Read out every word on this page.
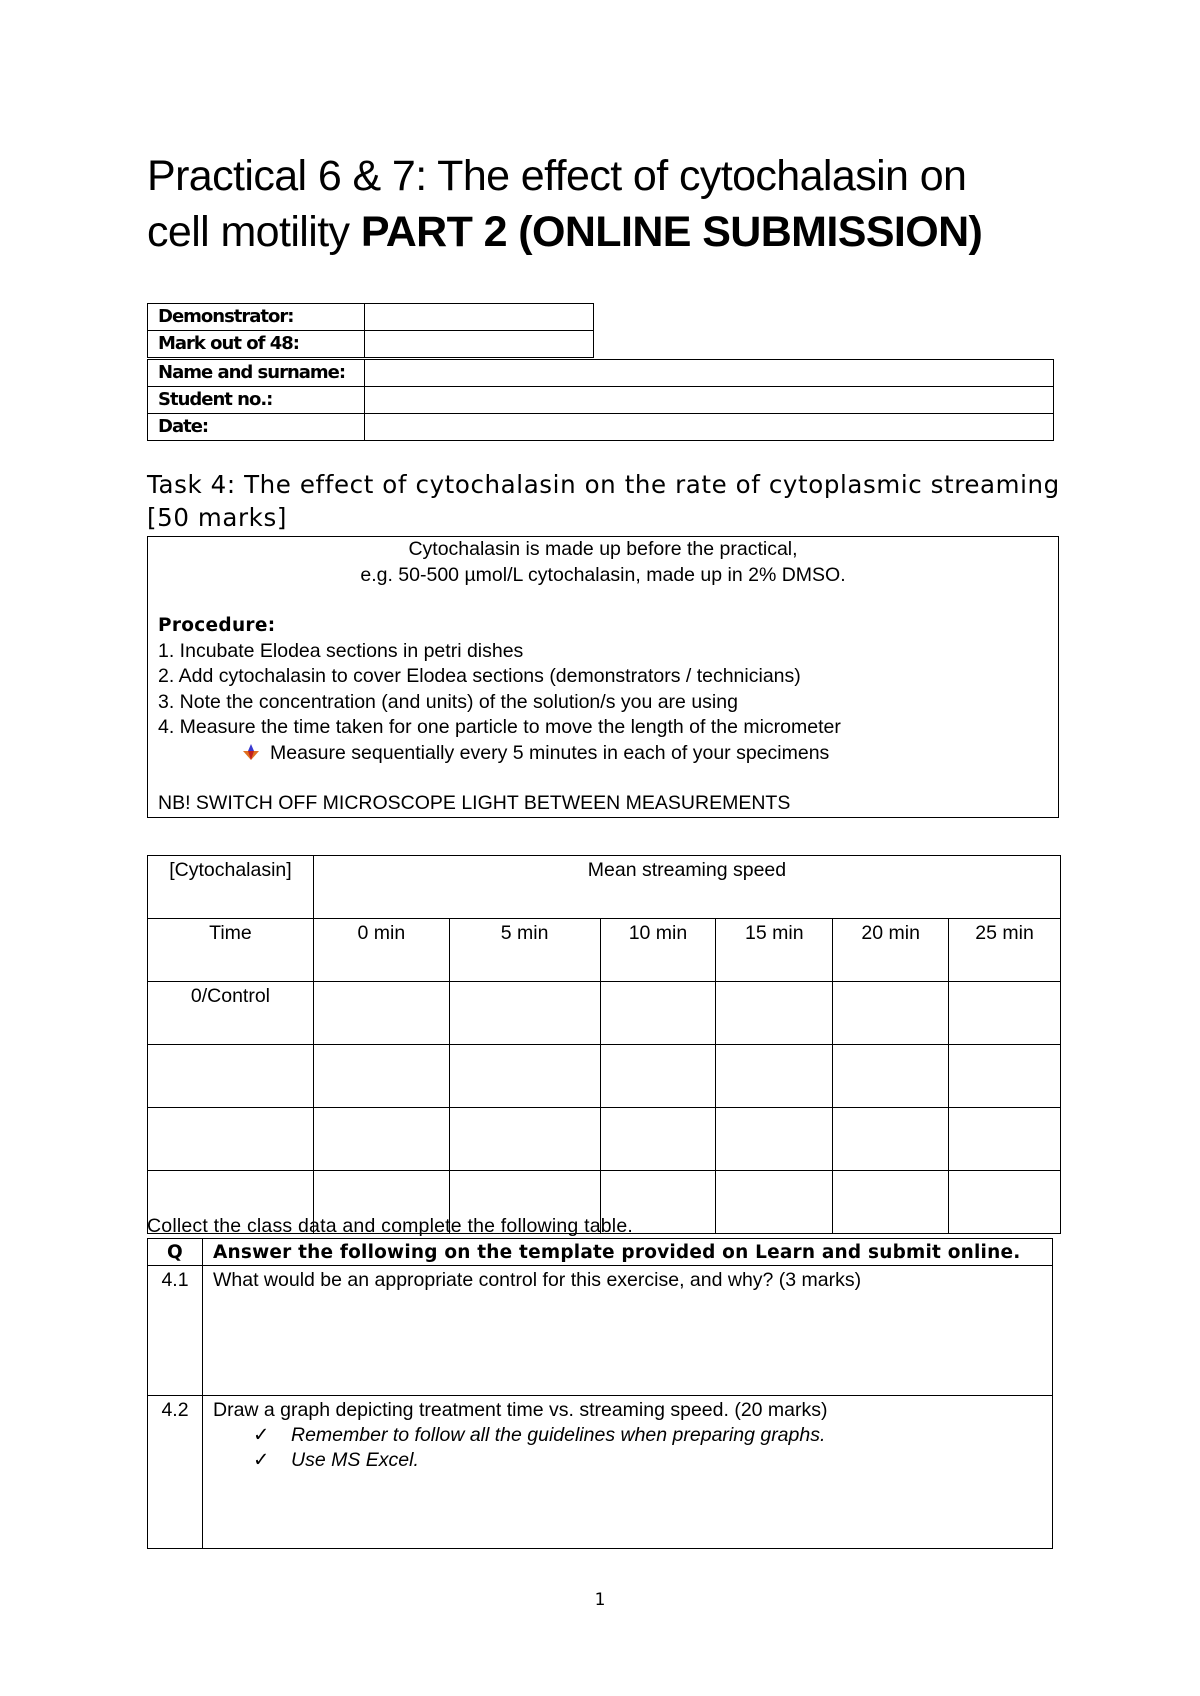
Practical 6 & 7: The effect of cytochalasin on
cell motility PART 2 (ONLINE SUBMISSION)
Demonstrator:	
Mark out of 48:	
Name and surname:	
Student no.:	
Date:	
Task 4: The effect of cytochalasin on the rate of cytoplasmic streaming [50 marks]
Cytochalasin is made up before the practical,
e.g. 50-500 µmol/L cytochalasin, made up in 2% DMSO.
Procedure:
1. Incubate Elodea sections in petri dishes
2. Add cytochalasin to cover Elodea sections (demonstrators / technicians)
3. Note the concentration (and units) of the solution/s you are using
4. Measure the time taken for one particle to move the length of the micrometer
Measure sequentially every 5 minutes in each of your specimens
NB! SWITCH OFF MICROSCOPE LIGHT BETWEEN MEASUREMENTS
[Cytochalasin]	Mean streaming speed					
Time	0 min	5 min	10 min	15 min	20 min	25 min
0/Control						

Collect the class data and complete the following table.
Q	Answer the following on the template provided on Learn and submit online.
4.1	What would be an appropriate control for this exercise, and why? (3 marks)
4.2	Draw a graph depicting treatment time vs. streaming speed. (20 marks)
✓ Remember to follow all the guidelines when preparing graphs.
✓ Use MS Excel.
1
